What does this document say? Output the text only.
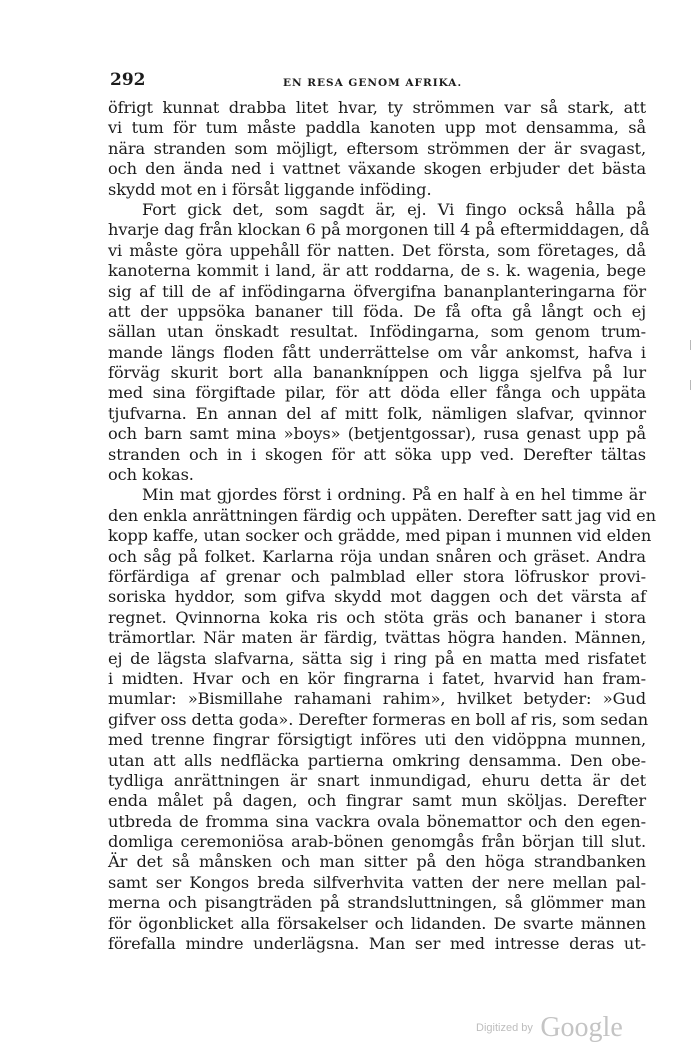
292	EN RESA GENOM AFRIKA.
öfrigt kunnat drabba litet hvar, ty strömmen var så stark, att
vi tum för tum måste paddla kanoten upp mot densamma, så
nära stranden som möjligt, eftersom strömmen der är svagast,
och den ända ned i vattnet växande skogen erbjuder det bästa
skydd mot en i försåt liggande inföding.
Fort gick det, som sagdt är, ej. Vi fingo också hålla på
hvarje dag från klockan 6 på morgonen till 4 på eftermiddagen, då
vi måste göra uppehåll för natten. Det första, som företages, då
kanoterna kommit i land, är att roddarna, de s. k. wagenia, bege
sig af till de af infödingarna öfvergifna bananplanteringarna för
att der uppsöka bananer till föda. De få ofta gå långt och ej
sällan utan önskadt resultat. Infödingarna, som genom trum-
mande längs floden fått underrättelse om vår ankomst, hafva i
förväg skurit bort alla banankníppen och ligga sjelfva på lur
med sina förgiftade pilar, för att döda eller fånga och uppäta
tjufvarna. En annan del af mitt folk, nämligen slafvar, qvinnor
och barn samt mina »boys» (betjentgossar), rusa genast upp på
stranden och in i skogen för att söka upp ved. Derefter tältas
och kokas.
Min mat gjordes först i ordning. På en half à en hel timme är
den enkla anrättningen färdig och uppäten. Derefter satt jag vid en
kopp kaffe, utan socker och grädde, med pipan i munnen vid elden
och såg på folket. Karlarna röja undan snåren och gräset. Andra
förfärdiga af grenar och palmblad eller stora löfruskor provi-
soriska hyddor, som gifva skydd mot daggen och det värsta af
regnet. Qvinnorna koka ris och stöta gräs och bananer i stora
trämortlar. När maten är färdig, tvättas högra handen. Männen,
ej de lägsta slafvarna, sätta sig i ring på en matta med risfatet
i midten. Hvar och en kör fingrarna i fatet, hvarvid han fram-
mumlar: »Bismillahe rahamani rahim», hvilket betyder: »Gud
gifver oss detta goda». Derefter formeras en boll af ris, som sedan
med trenne fingrar försigtigt införes uti den vidöppna munnen,
utan att alls nedfläcka partierna omkring densamma. Den obe-
tydliga anrättningen är snart inmundigad, ehuru detta är det
enda målet på dagen, och fingrar samt mun sköljas. Derefter
utbreda de fromma sina vackra ovala bönemattor och den egen-
domliga ceremoniösa arab-bönen genomgås från början till slut.
Är det så månsken och man sitter på den höga strandbanken
samt ser Kongos breda silfverhvita vatten der nere mellan pal-
merna och pisangträden på strandsluttningen, så glömmer man
för ögonblicket alla försakelser och lidanden. De svarte männen
förefalla mindre underlägsna. Man ser med intresse deras ut-
Digitized by Google
